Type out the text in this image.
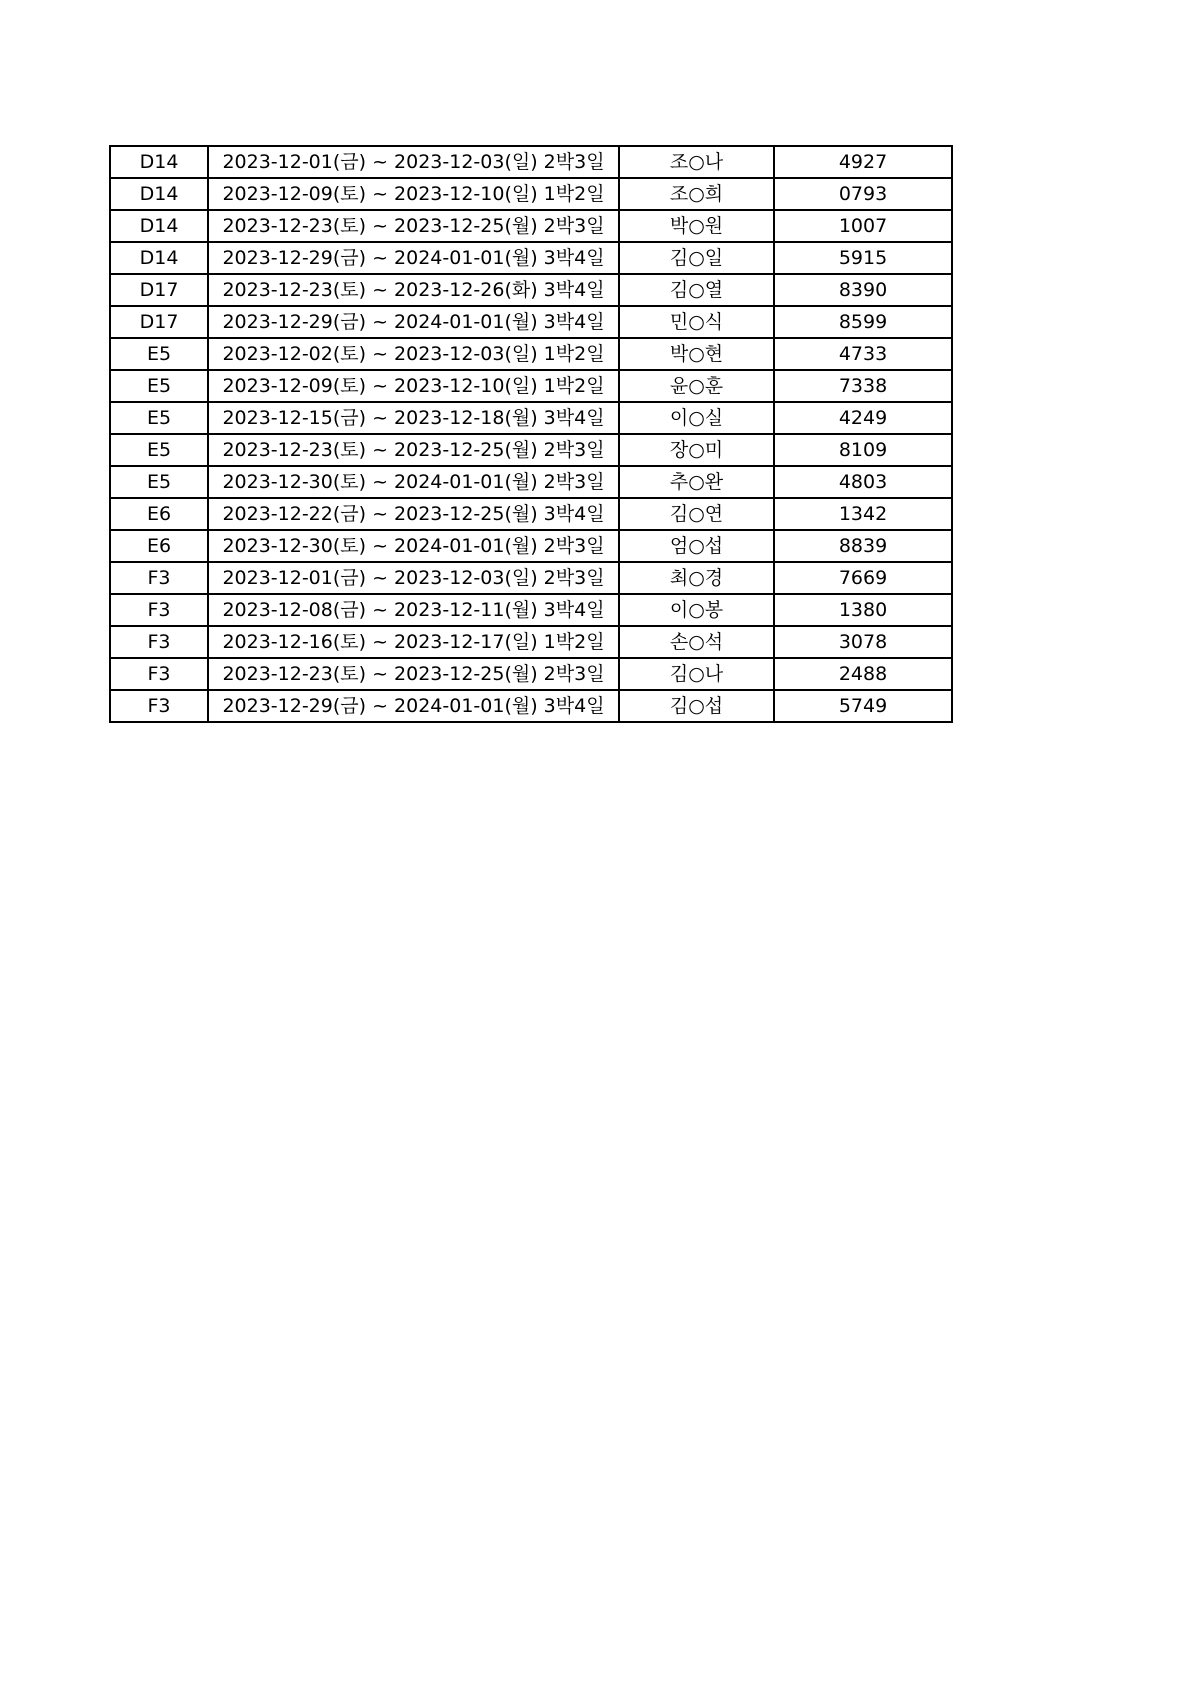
D14	2023-12-01(금) ~ 2023-12-03(일) 2박3일	조○나	4927
D14	2023-12-09(토) ~ 2023-12-10(일) 1박2일	조○희	0793
D14	2023-12-23(토) ~ 2023-12-25(월) 2박3일	박○원	1007
D14	2023-12-29(금) ~ 2024-01-01(월) 3박4일	김○일	5915
D17	2023-12-23(토) ~ 2023-12-26(화) 3박4일	김○열	8390
D17	2023-12-29(금) ~ 2024-01-01(월) 3박4일	민○식	8599
E5	2023-12-02(토) ~ 2023-12-03(일) 1박2일	박○현	4733
E5	2023-12-09(토) ~ 2023-12-10(일) 1박2일	윤○훈	7338
E5	2023-12-15(금) ~ 2023-12-18(월) 3박4일	이○실	4249
E5	2023-12-23(토) ~ 2023-12-25(월) 2박3일	장○미	8109
E5	2023-12-30(토) ~ 2024-01-01(월) 2박3일	추○완	4803
E6	2023-12-22(금) ~ 2023-12-25(월) 3박4일	김○연	1342
E6	2023-12-30(토) ~ 2024-01-01(월) 2박3일	엄○섭	8839
F3	2023-12-01(금) ~ 2023-12-03(일) 2박3일	최○경	7669
F3	2023-12-08(금) ~ 2023-12-11(월) 3박4일	이○봉	1380
F3	2023-12-16(토) ~ 2023-12-17(일) 1박2일	손○석	3078
F3	2023-12-23(토) ~ 2023-12-25(월) 2박3일	김○나	2488
F3	2023-12-29(금) ~ 2024-01-01(월) 3박4일	김○섭	5749
